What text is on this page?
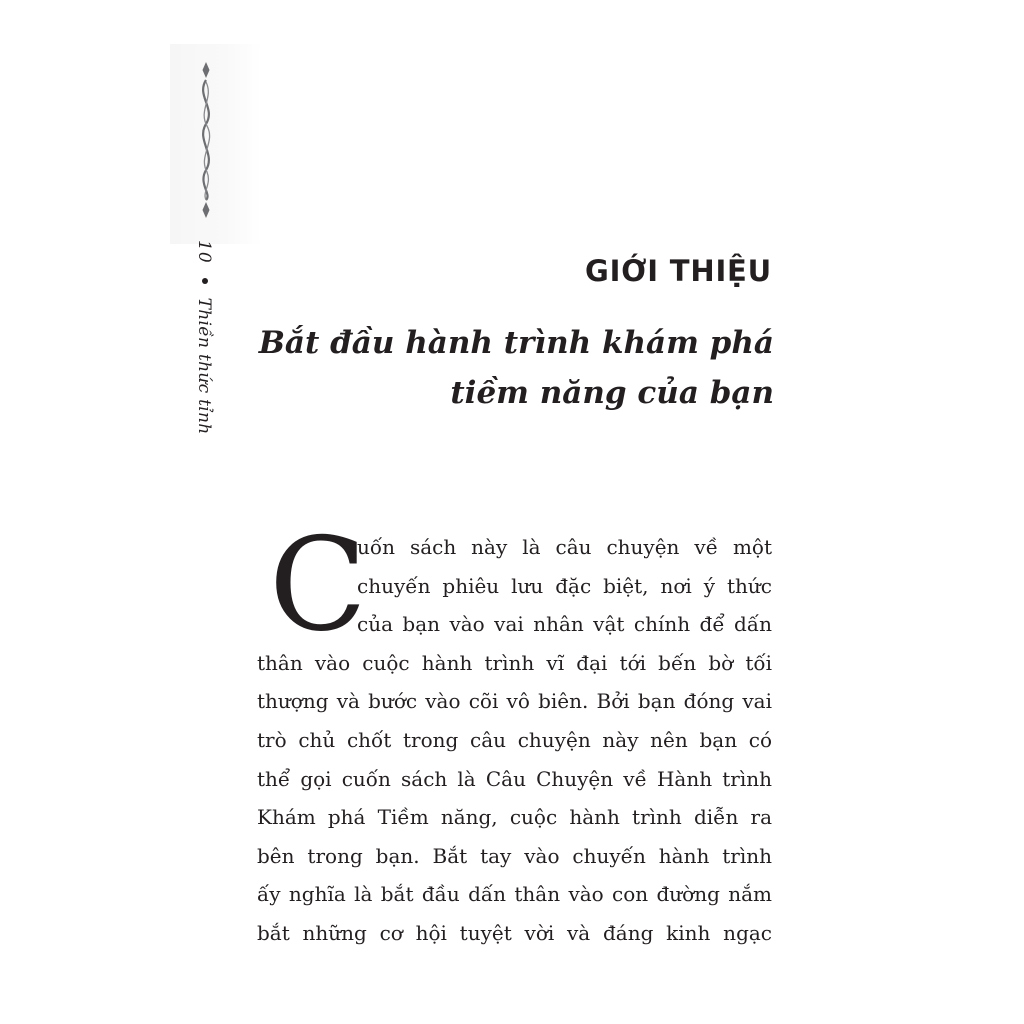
10Thiền thức tỉnh
GIỚI THIỆU
Bắt đầu hành trình khám phá
tiềm năng của bạn
C
uốn sách này là câu chuyện về một
chuyến phiêu lưu đặc biệt, nơi ý thức
của bạn vào vai nhân vật chính để dấn
thân vào cuộc hành trình vĩ đại tới bến bờ tối
thượng và bước vào cõi vô biên. Bởi bạn đóng vai
trò chủ chốt trong câu chuyện này nên bạn có
thể gọi cuốn sách là Câu Chuyện về Hành trình
Khám phá Tiềm năng, cuộc hành trình diễn ra
bên trong bạn. Bắt tay vào chuyến hành trình
ấy nghĩa là bắt đầu dấn thân vào con đường nắm
bắt những cơ hội tuyệt vời và đáng kinh ngạc
